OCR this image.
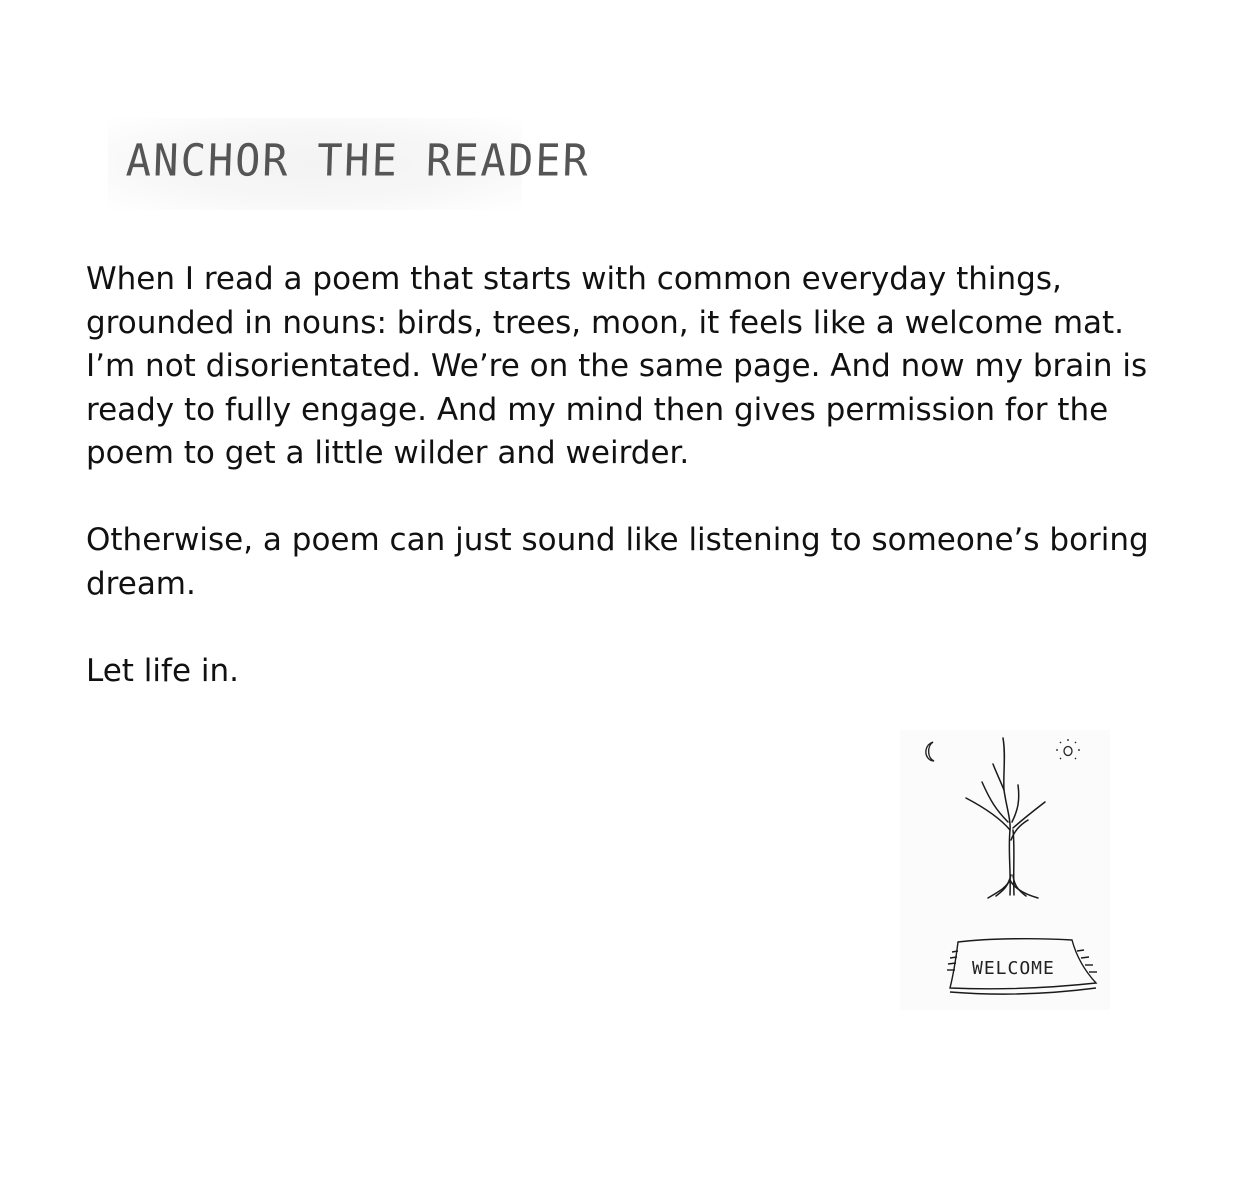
ANCHOR THE READER

When I read a poem that starts with common everyday things, grounded in nouns: birds, trees, moon, it feels like a welcome mat. I’m not disorientated. We’re on the same page. And now my brain is ready to fully engage. And my mind then gives permission for the poem to get a little wilder and weirder.

Otherwise, a poem can just sound like listening to someone’s boring dream.

Let life in.

WELCOME
